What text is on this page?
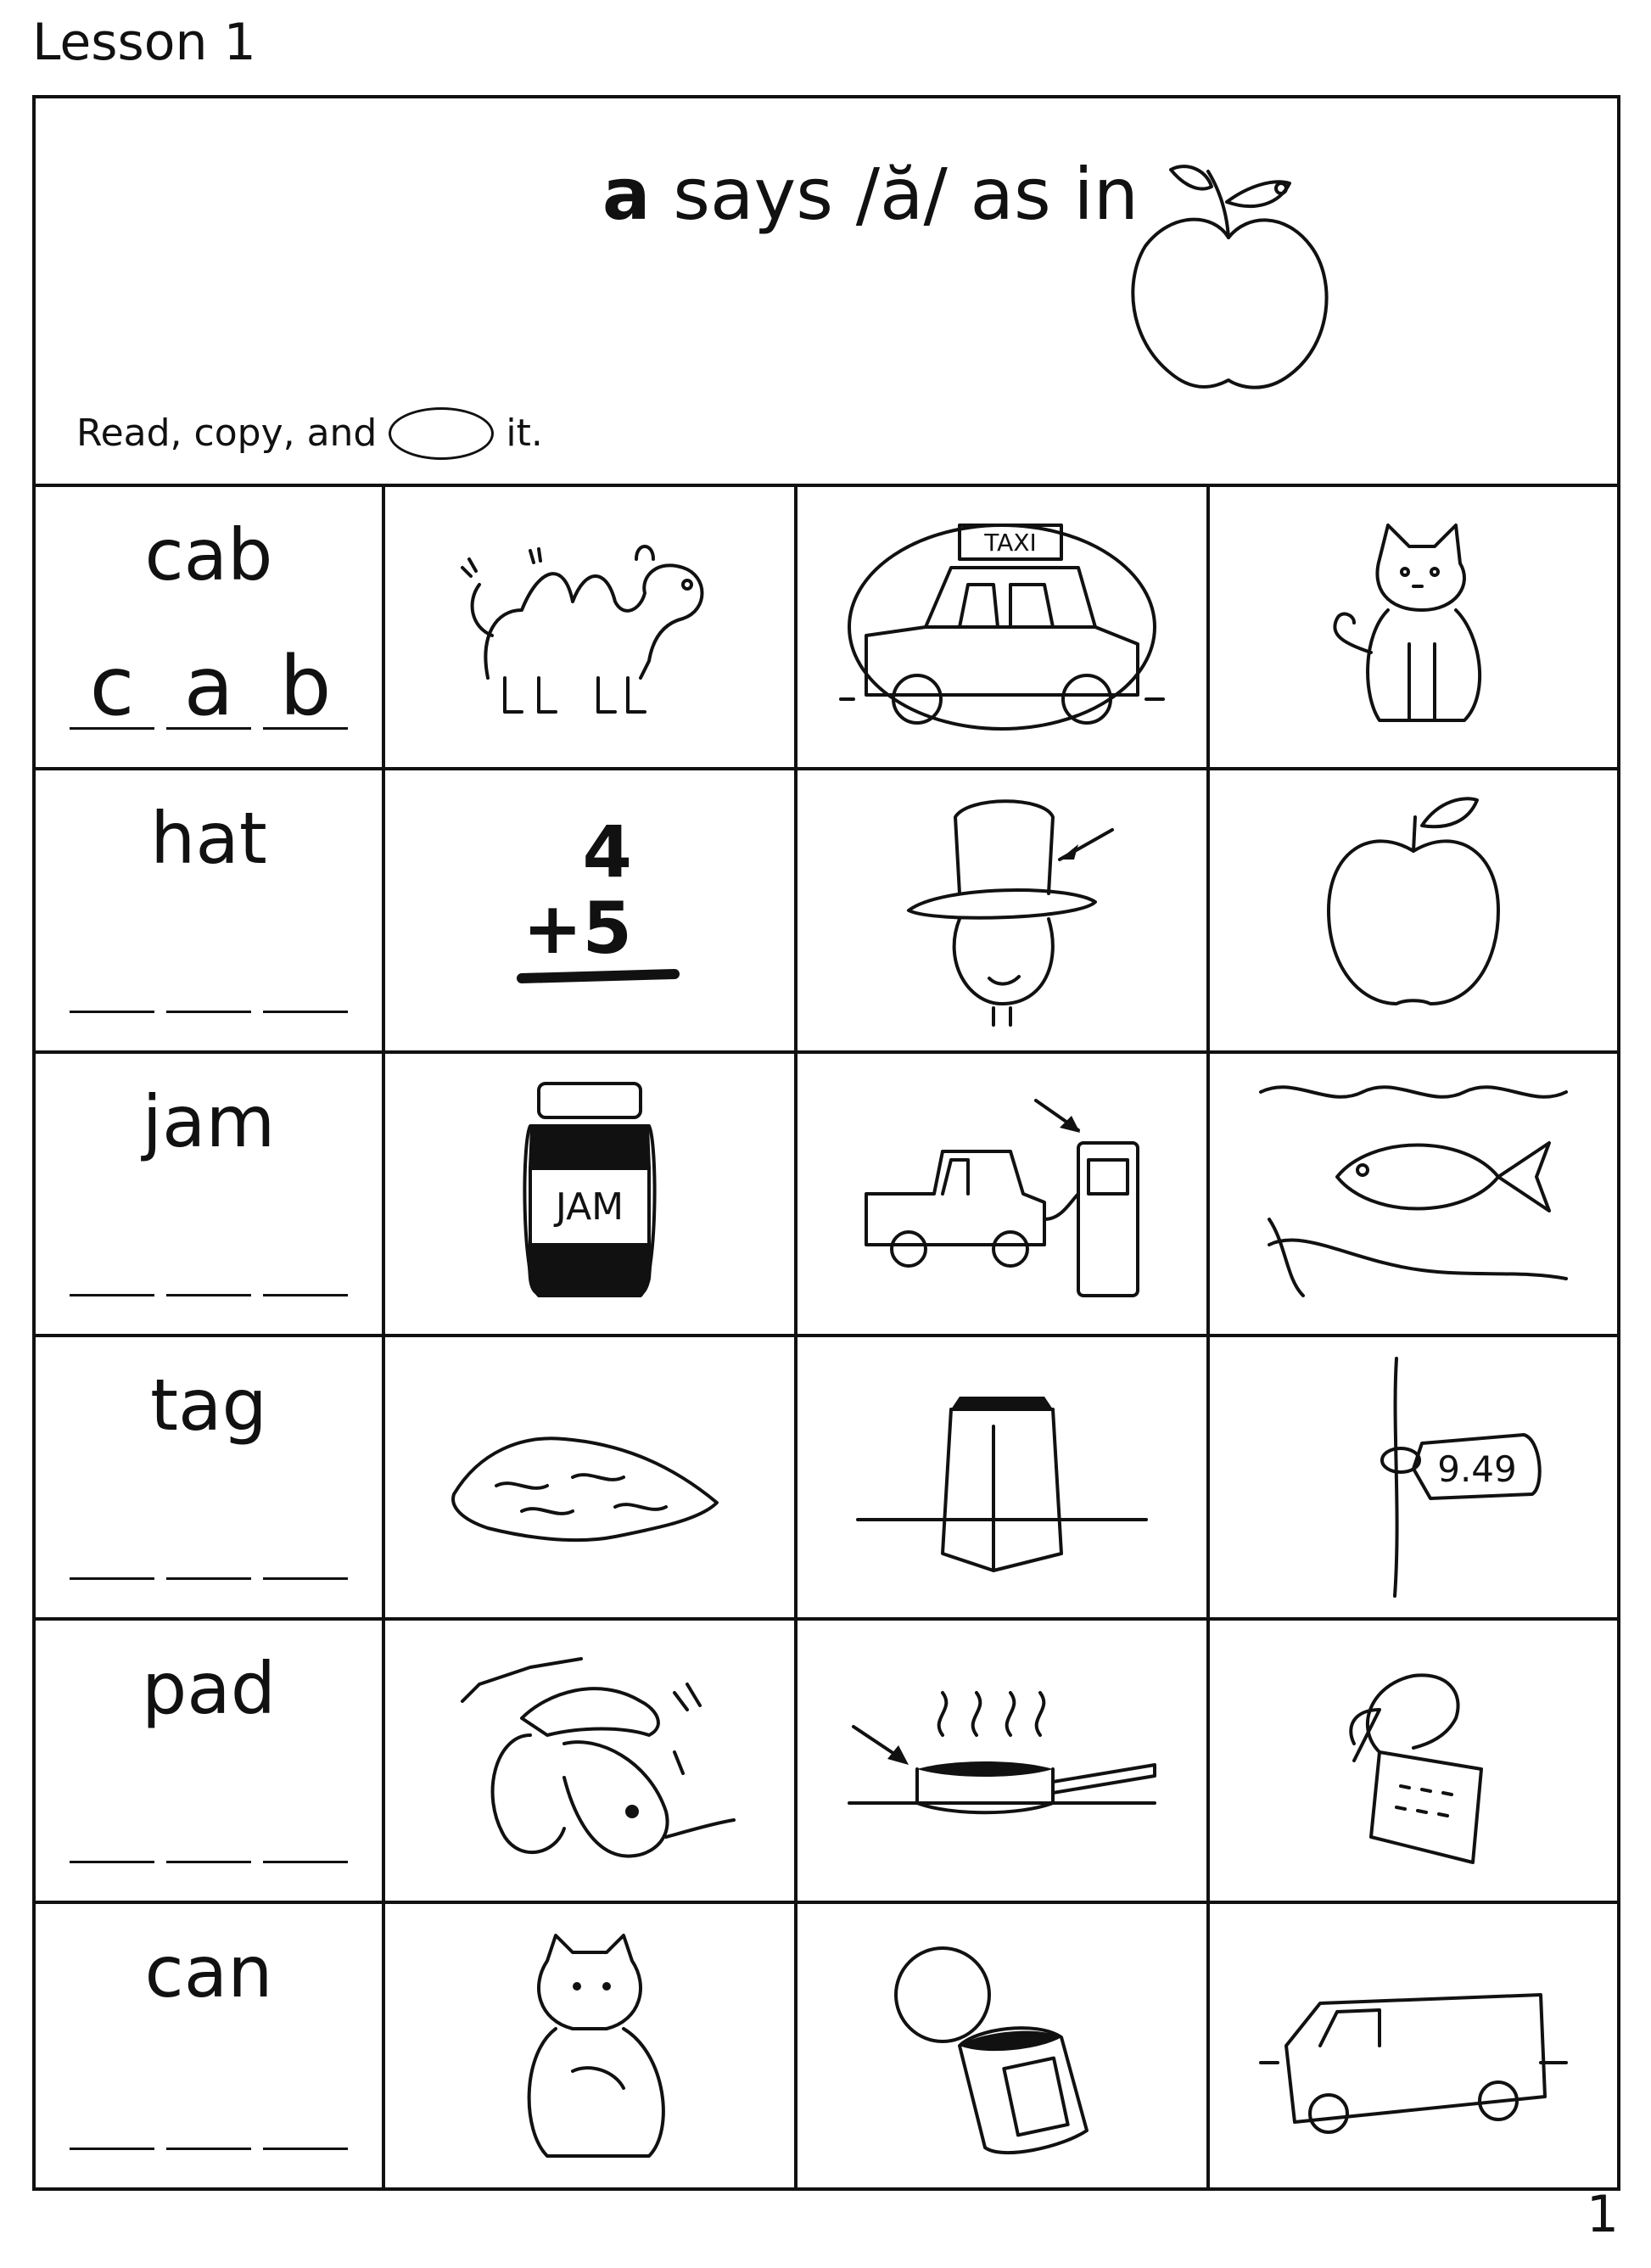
Lesson 1
a says /ă/ as in
Read, copy, and	it.
cab
c a b
TAXI
hat	4
+5
jam
JAM
tag
9.49
pad
can
1
